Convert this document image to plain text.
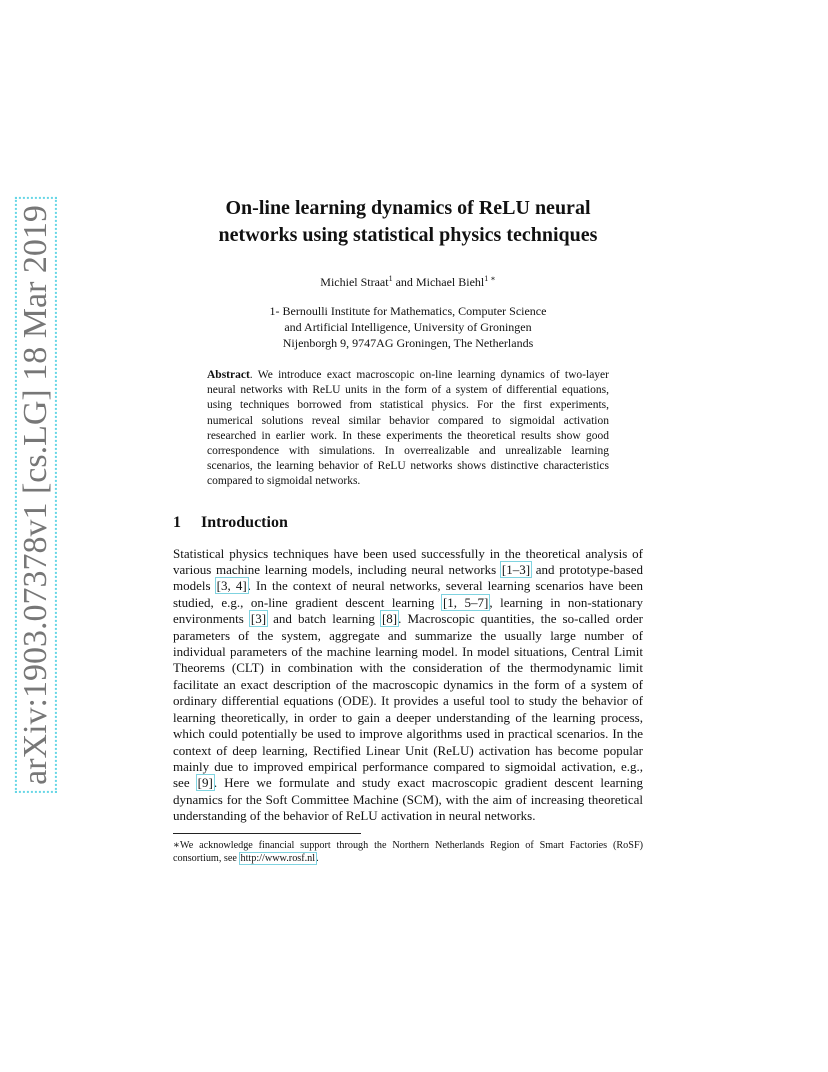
arXiv:1903.07378v1 [cs.LG] 18 Mar 2019	On-line learning dynamics of ReLU neural
networks using statistical physics techniques
Michiel Straat$^1$ and Michael Biehl$^{1 ∗}$
1- Bernoulli Institute for Mathematics, Computer Science
and Artificial Intelligence, University of Groningen
Nijenborgh 9, 9747AG Groningen, The Netherlands
Abstract. We introduce exact macroscopic on-line learning dynamics of two-layer neural networks with ReLU units in the form of a system of differential equations, using techniques borrowed from statistical physics. For the first experiments, numerical solutions reveal similar behavior compared to sigmoidal activation researched in earlier work. In these experiments the theoretical results show good correspondence with simulations. In overrealizable and unrealizable learning scenarios, the learning behavior of ReLU networks shows distinctive characteristics compared to sigmoidal networks.
1 Introduction
Statistical physics techniques have been used successfully in the theoretical analysis of various machine learning models, including neural networks [1–3] and prototype-based models [3, 4]. In the context of neural networks, several learning scenarios have been studied, e.g., on-line gradient descent learning [1, 5–7], learning in non-stationary environments [3] and batch learning [8]. Macroscopic quantities, the so-called order parameters of the system, aggregate and summarize the usually large number of individual parameters of the machine learning model. In model situations, Central Limit Theorems (CLT) in combination with the consideration of the thermodynamic limit facilitate an exact description of the macroscopic dynamics in the form of a system of ordinary differential equations (ODE). It provides a useful tool to study the behavior of learning theoretically, in order to gain a deeper understanding of the learning process, which could potentially be used to improve algorithms used in practical scenarios. In the context of deep learning, Rectified Linear Unit (ReLU) activation has become popular mainly due to improved empirical performance compared to sigmoidal activation, e.g., see [9]. Here we formulate and study exact macroscopic gradient descent learning dynamics for the Soft Committee Machine (SCM), with the aim of increasing theoretical understanding of the behavior of ReLU activation in neural networks.
∗We acknowledge financial support through the Northern Netherlands Region of Smart Factories (RoSF) consortium, see http://www.rosf.nl.
